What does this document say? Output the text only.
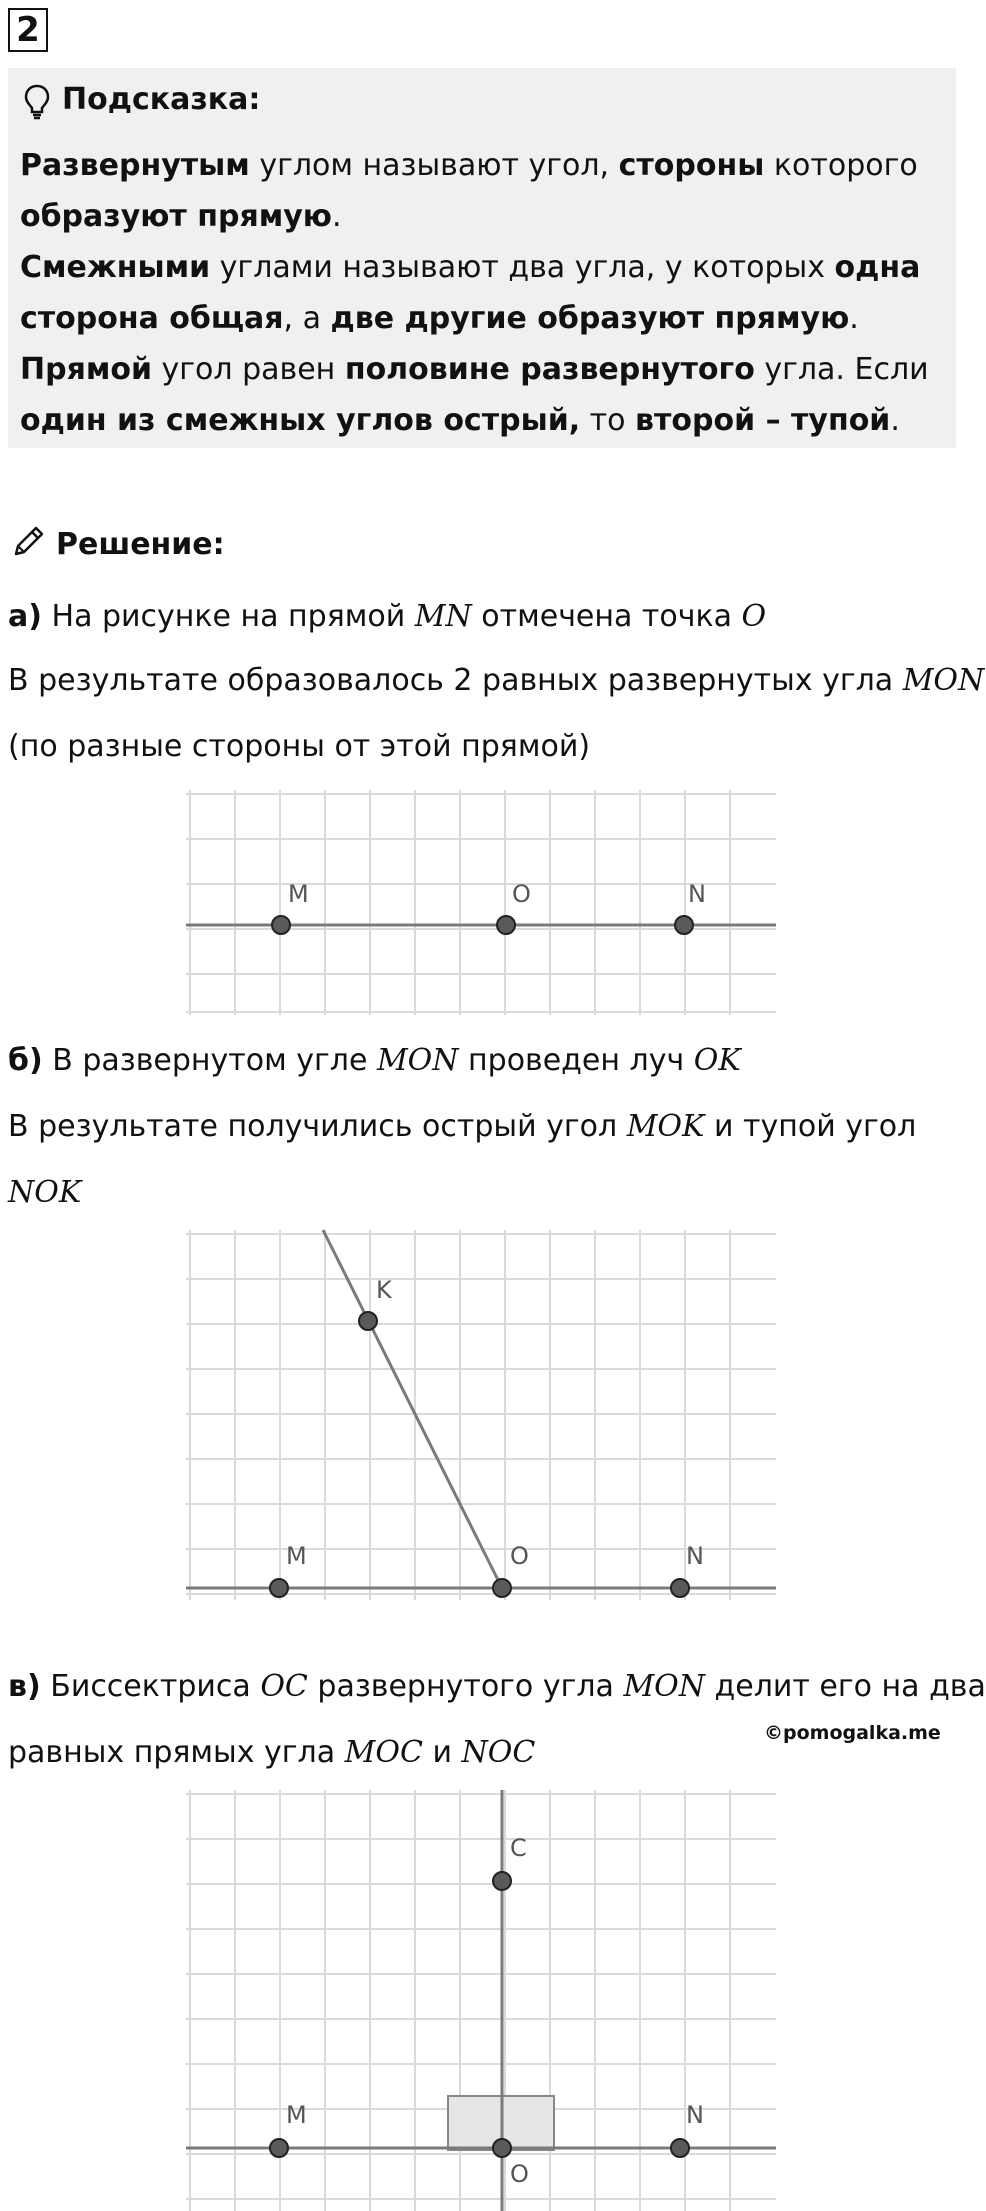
2
Подсказка:
Развернутым углом называют угол, стороны которого образуют прямую.
Смежными углами называют два угла, у которых одна сторона общая, а две другие образуют прямую.
Прямой угол равен половине развернутого угла. Если один из смежных углов острый, то второй – тупой.
Решение:
а) На рисунке на прямой MN отмечена точка O
В результате образовалось 2 равных развернутых угла MON
(по разные стороны от этой прямой)
M	O	N
б) В развернутом угле MON проведен луч OK
В результате получились острый угол MOK и тупой угол
NOK
M	O	N
K
в) Биссектриса OC развернутого угла MON делит его на два
©pomogalka.me
равных прямых угла MOC и NOC
M
O
N
C
